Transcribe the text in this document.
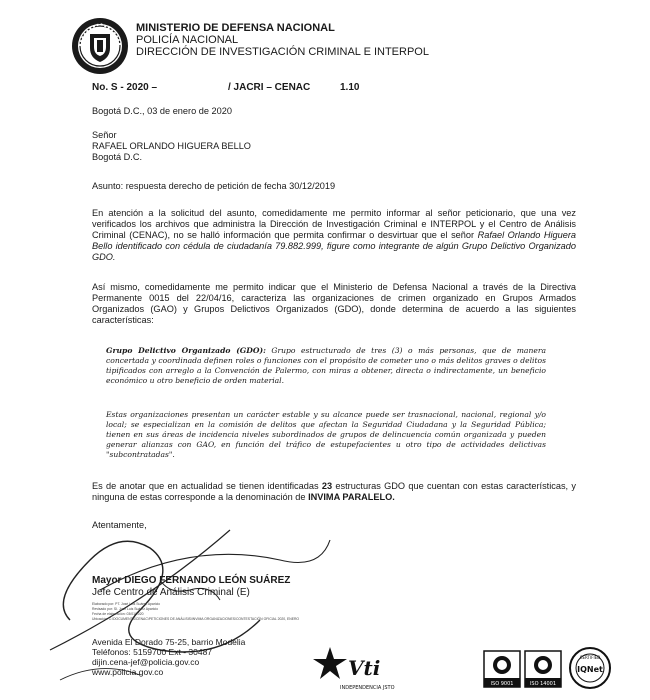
MINISTERIO DE DEFENSA NACIONAL
POLICÍA NACIONAL
DIRECCIÓN DE INVESTIGACIÓN CRIMINAL E INTERPOL
No. S - 2020 –	/ JACRI – CENAC	1.10
Bogotá D.C., 03 de enero de 2020
Señor
RAFAEL ORLANDO HIGUERA BELLO
Bogotá D.C.
Asunto: respuesta derecho de petición de fecha 30/12/2019
En atención a la solicitud del asunto, comedidamente me permito informar al señor peticionario, que una vez verificados los archivos que administra la Dirección de Investigación Criminal e INTERPOL y el Centro de Análisis Criminal (CENAC), no se halló información que permita confirmar o desvirtuar que el señor Rafael Orlando Higuera Bello identificado con cédula de ciudadanía 79.882.999, figure como integrante de algún Grupo Delictivo Organizado GDO.
Así mismo, comedidamente me permito indicar que el Ministerio de Defensa Nacional a través de la Directiva Permanente 0015 del 22/04/16, caracteriza las organizaciones de crimen organizado en Grupos Armados Organizados (GAO) y Grupos Delictivos Organizados (GDO), donde determina de acuerdo a las siguientes características:
Grupo Delictivo Organizado (GDO): Grupo estructurado de tres (3) o más personas, que de manera concertada y coordinada definen roles o funciones con el propósito de cometer uno o más delitos graves o delitos tipificados con arreglo a la Convención de Palermo, con miras a obtener, directa o indirectamente, un beneficio económico u otro beneficio de orden material.
Estas organizaciones presentan un carácter estable y su alcance puede ser trasnacional, nacional, regional y/o local; se especializan en la comisión de delitos que afectan la Seguridad Ciudadana y la Seguridad Pública; tienen en sus áreas de incidencia niveles subordinados de grupos de delincuencia común organizada y pueden generar alianzas con GAO, en función del tráfico de estupefacientes u otro tipo de actividades delictivas "subcontratadas".
Es de anotar que en actualidad se tienen identificadas 23 estructuras GDO que cuentan con estas características, y ninguna de estas corresponde a la denominación de INVIMA PARALELO.
Atentamente,
Mayor DIEGO FERNANDO LEÓN SUÁREZ
Jefe Centro de Análisis Criminal (E)
Elaborado por: PT. José Luis Suárez Aparicio
Revisado por: SI. José Luis Suárez Aparicio
Fecha de elaboración: 03/01/2020
Ubicación: C:\DOCUMENTS\CENAC\PETICIONES DE ANÁLISIS\INVIMA ORGANIZACIONES\CONTESTACIÓN OFICIAL 2020, ENERO
Avenida El Dorado 75-25, barrio Modelia
Teléfonos: 5159700 Ext - 30487
dijin.cena-jef@policia.gov.co
www.policia.gov.co	Vti
INDEPENDENCIA JSTO
ISO 9001	ISO 14001
CERTIFIED
IQNet
